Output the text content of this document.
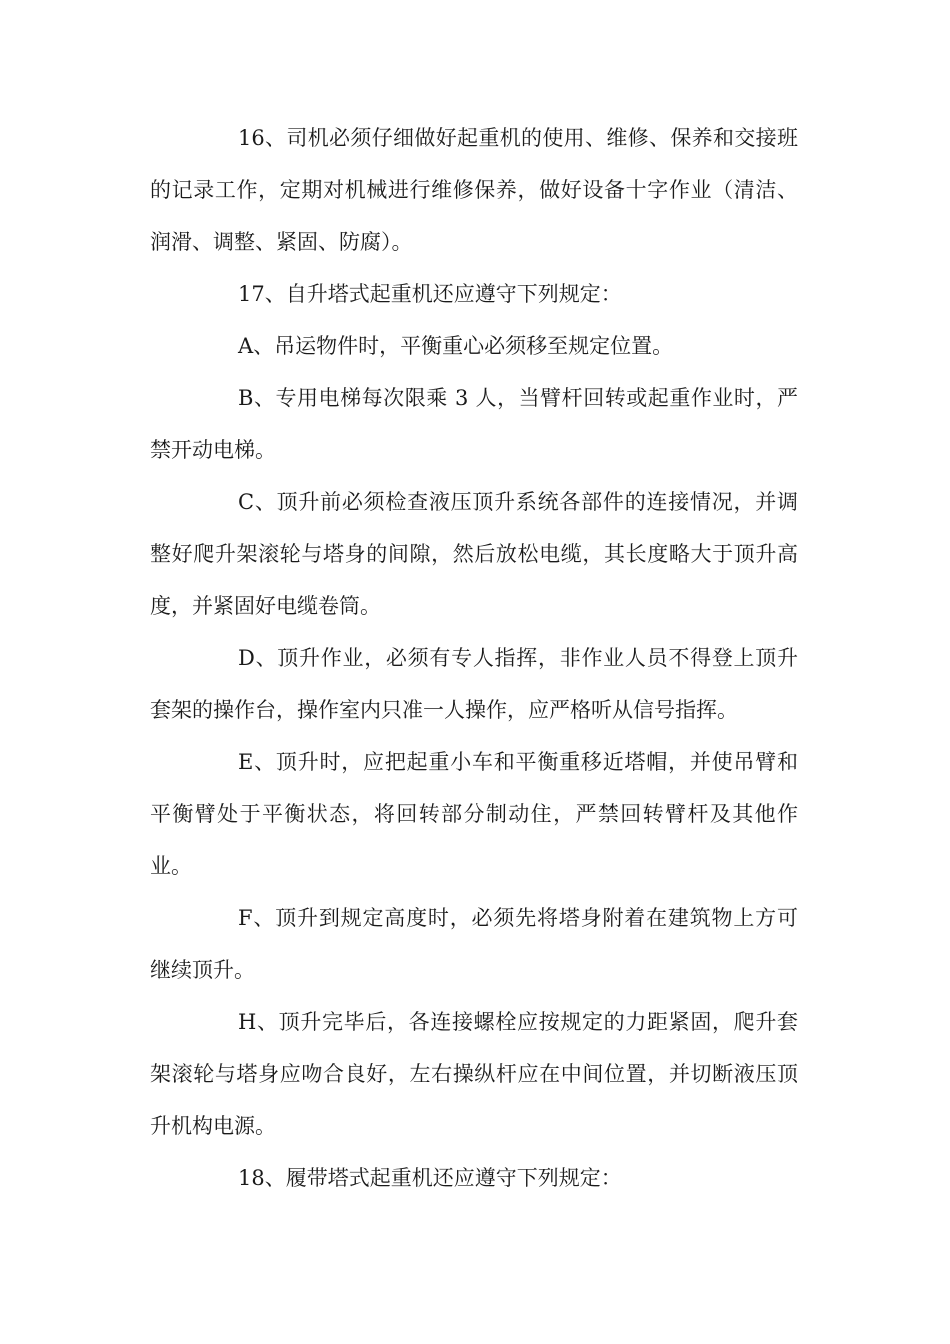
16、司机必须仔细做好起重机的使用、维修、保养和交接班的记录工作，定期对机械进行维修保养，做好设备十字作业（清洁、润滑、调整、紧固、防腐）。

17、自升塔式起重机还应遵守下列规定：

A、吊运物件时，平衡重心必须移至规定位置。

B、专用电梯每次限乘 3 人，当臂杆回转或起重作业时，严禁开动电梯。

C、顶升前必须检查液压顶升系统各部件的连接情况，并调整好爬升架滚轮与塔身的间隙，然后放松电缆，其长度略大于顶升高度，并紧固好电缆卷筒。

D、顶升作业，必须有专人指挥，非作业人员不得登上顶升套架的操作台，操作室内只准一人操作，应严格听从信号指挥。

E、顶升时，应把起重小车和平衡重移近塔帽，并使吊臂和平衡臂处于平衡状态，将回转部分制动住，严禁回转臂杆及其他作业。

F、顶升到规定高度时，必须先将塔身附着在建筑物上方可继续顶升。

H、顶升完毕后，各连接螺栓应按规定的力距紧固，爬升套架滚轮与塔身应吻合良好，左右操纵杆应在中间位置，并切断液压顶升机构电源。

18、履带塔式起重机还应遵守下列规定：
